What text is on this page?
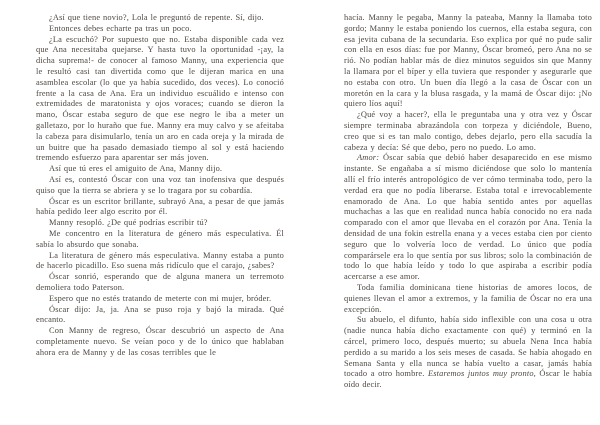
¿Así que tiene novio?, Lola le preguntó de repente. Sí, dijo.

Entonces debes echarte pa tras un poco.

¿La escuchó? Por supuesto que no. Estaba disponible cada vez que Ana necesitaba quejarse. Y hasta tuvo la oportunidad -¡ay, la dicha suprema!- de conocer al famoso Manny, una experiencia que le resultó casi tan divertida como que le dijeran marica en una asamblea escolar (lo que ya había sucedido, dos veces). Lo conoció frente a la casa de Ana. Era un individuo escuálido e intenso con extremidades de maratonista y ojos voraces; cuando se dieron la mano, Óscar estaba seguro de que ese negro le iba a meter un galletazo, por lo huraño que fue. Manny era muy calvo y se afeitaba la cabeza para disimularlo, tenía un aro en cada oreja y la mirada de un buitre que ha pasado demasiado tiempo al sol y está haciendo tremendo esfuerzo para aparentar ser más joven.

Así que tú eres el amiguito de Ana, Manny dijo.

Así es, contestó Óscar con una voz tan inofensiva que después quiso que la tierra se abriera y se lo tragara por su cobardía.

Óscar es un escritor brillante, subrayó Ana, a pesar de que jamás había pedido leer algo escrito por él.

Manny resopló. ¿De qué podrías escribir tú?

Me concentro en la literatura de género más especulativa. Él sabía lo absurdo que sonaba.

La literatura de género más especulativa. Manny estaba a punto de hacerlo picadillo. Eso suena más ridículo que el carajo, ¿sabes?

Óscar sonrió, esperando que de alguna manera un terremoto demoliera todo Paterson.

Espero que no estés tratando de meterte con mi mujer, bróder.

Óscar dijo: Ja, ja. Ana se puso roja y bajó la mirada. Qué encanto.

Con Manny de regreso, Óscar descubrió un aspecto de Ana completamente nuevo. Se veían poco y de lo único que hablaban ahora era de Manny y de las cosas terribles que le

hacía. Manny le pegaba, Manny la pateaba, Manny la llamaba toto gordo; Manny le estaba poniendo los cuernos, ella estaba segura, con esa jevita cubana de la secundaria. Eso explica por qué no pude salir con ella en esos días: fue por Manny, Óscar bromeó, pero Ana no se rió. No podían hablar más de diez minutos seguidos sin que Manny la llamara por el bíper y ella tuviera que responder y asegurarle que no estaba con otro. Un buen día llegó a la casa de Óscar con un moretón en la cara y la blusa rasgada, y la mamá de Óscar dijo: ¡No quiero líos aquí!

¿Qué voy a hacer?, ella le preguntaba una y otra vez y Óscar siempre terminaba abrazándola con torpeza y diciéndole, Bueno, creo que si es tan malo contigo, debes dejarlo, pero ella sacudía la cabeza y decía: Sé que debo, pero no puedo. Lo amo.

Amor: Óscar sabía que debió haber desaparecido en ese mismo instante. Se engañaba a sí mismo diciéndose que solo lo mantenía allí el frío interés antropológico de ver cómo terminaba todo, pero la verdad era que no podía liberarse. Estaba total e irrevocablemente enamorado de Ana. Lo que había sentido antes por aquellas muchachas a las que en realidad nunca había conocido no era nada comparado con el amor que llevaba en el corazón por Ana. Tenía la densidad de una fokin estrella enana y a veces estaba cien por ciento seguro que lo volvería loco de verdad. Lo único que podía comparársele era lo que sentía por sus libros; solo la combinación de todo lo que había leído y todo lo que aspiraba a escribir podía acercarse a ese amor.

Toda familia dominicana tiene historias de amores locos, de quienes llevan el amor a extremos, y la familia de Óscar no era una excepción.

Su abuelo, el difunto, había sido inflexible con una cosa u otra (nadie nunca había dicho exactamente con qué) y terminó en la cárcel, primero loco, después muerto; su abuela Nena Inca había perdido a su marido a los seis meses de casada. Se había ahogado en Semana Santa y ella nunca se había vuelto a casar, jamás había tocado a otro hombre. Estaremos juntos muy pronto, Óscar le había oído decir.
